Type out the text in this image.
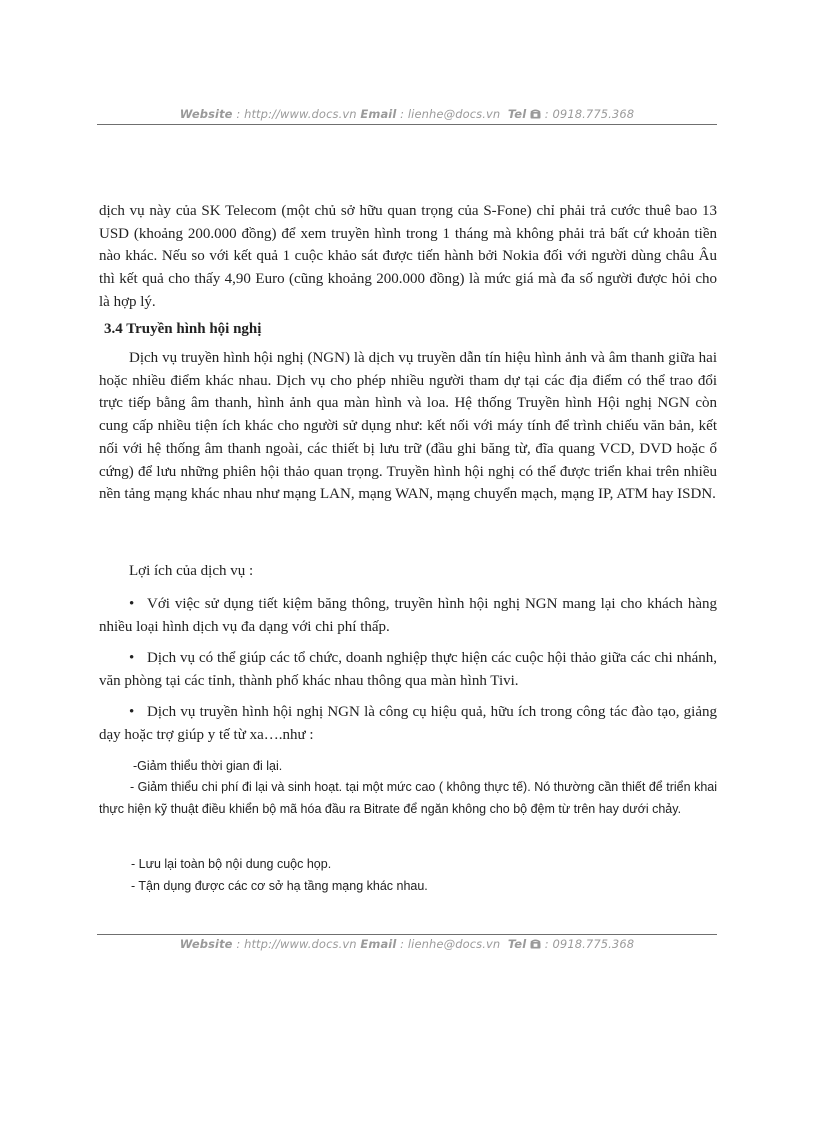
Website : http://www.docs.vn Email : lienhe@docs.vn Tel  : 0918.775.368

dịch vụ này của SK Telecom (một chủ sở hữu quan trọng của S-Fone) chỉ phải trả cước thuê bao 13 USD (khoảng 200.000 đồng) để xem truyền hình trong 1 tháng mà không phải trả bất cứ khoản tiền nào khác. Nếu so với kết quả 1 cuộc khảo sát được tiến hành bởi Nokia đối với người dùng châu Âu thì kết quả cho thấy 4,90 Euro (cũng khoảng 200.000 đồng) là mức giá mà đa số người được hỏi cho là hợp lý.

3.4 Truyền hình hội nghị

Dịch vụ truyền hình hội nghị (NGN) là dịch vụ truyền dẫn tín hiệu hình ảnh và âm thanh giữa hai hoặc nhiều điểm khác nhau. Dịch vụ cho phép nhiều người tham dự tại các địa điểm có thể trao đổi trực tiếp bằng âm thanh, hình ảnh qua màn hình và loa. Hệ thống Truyền hình Hội nghị NGN còn cung cấp nhiều tiện ích khác cho người sử dụng như: kết nối với máy tính để trình chiếu văn bản, kết nối với hệ thống âm thanh ngoài, các thiết bị lưu trữ (đầu ghi băng từ, đĩa quang VCD, DVD hoặc ổ cứng) để lưu những phiên hội thảo quan trọng. Truyền hình hội nghị có thể được triển khai trên nhiều nền tảng mạng khác nhau như mạng LAN, mạng WAN, mạng chuyển mạch, mạng IP, ATM hay ISDN.

Lợi ích của dịch vụ :

• Với việc sử dụng tiết kiệm băng thông, truyền hình hội nghị NGN mang lại cho khách hàng nhiều loại hình dịch vụ đa dạng với chi phí thấp.

• Dịch vụ có thể giúp các tổ chức, doanh nghiệp thực hiện các cuộc hội thảo giữa các chi nhánh, văn phòng tại các tỉnh, thành phố khác nhau thông qua màn hình Tivi.

• Dịch vụ truyền hình hội nghị NGN là công cụ hiệu quả, hữu ích trong công tác đào tạo, giảng dạy hoặc trợ giúp y tế từ xa….như :

-Giảm thiểu thời gian đi lại.

- Giảm thiểu chi phí đi lại và sinh hoạt. tại một mức cao ( không thực tế). Nó thường cần thiết để triển khai thực hiện kỹ thuật điều khiển bộ mã hóa đầu ra Bitrate để ngăn không cho bộ đệm từ trên hay dưới chảy.

- Lưu lại toàn bộ nội dung cuộc họp.

- Tận dụng được các cơ sở hạ tầng mạng khác nhau.

Website : http://www.docs.vn Email : lienhe@docs.vn Tel  : 0918.775.368
